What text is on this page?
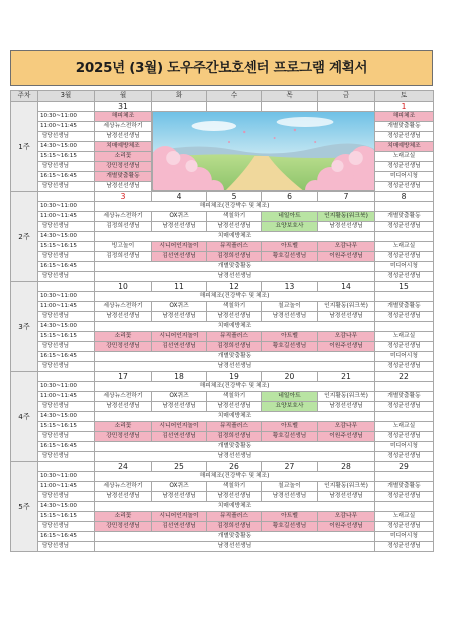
2025년 (3월) 도우주간보호센터 프로그램 계획서
주차	3월	월	화	수	목	금	토
1주		31					1
	10:30~11:00	해피체조					해피체조
	11:00~11:45	세상뉴스전하기					개별맞춤활동
	담당선생님	남경선선생님					정성균선생님
	14:30~15:00	치매예방체조					치매예방체조
	15:15~16:15	소리꽃					노래교실
	담당선생님	강민정선생님					정성균선생님
	16:15~16:45	개별맞춤활동					미디어시청
	담당선생님	남경선선생님					정성균선생님
2주		3	4	5	6	7	8
	10:30~11:00	해피체조(건강박수 및 체조)					
	11:00~11:45	세상뉴스전하기	OX퀴즈	색칠하기	네일아트	인지활동(워크북)	개별맞춤활동
	담당선생님	김정희선생님	남경선선생님	남경선선생님	요양보호사	남경선선생님	정성균선생님
	14:30~15:00	치매예방체조					
	15:15~16:15	빙고놀이	시니어인지놀이	뮤직플러스	아트벨	오감나무	노래교실
	담당선생님	김정희선생님	김선연선생님	김경희선생님	황호길선생님	이원주선생님	정성균선생님
	16:15~16:45	개별맞춤활동					미디어시청
	담당선생님	남경선선생님					정성균선생님
3주		10	11	12	13	14	15
	10:30~11:00	해피체조(건강박수 및 체조)					
	11:00~11:45	세상뉴스전하기	OX퀴즈	색칠하기	칠교놀이	인지활동(워크북)	개별맞춤활동
	담당선생님	남경선선생님	남경선선생님	남경선선생님	남경선선생님	남경선선생님	정성균선생님
	14:30~15:00	치매예방체조					
	15:15~16:15	소리꽃	시니어인지놀이	뮤직플러스	아트벨	오감나무	노래교실
	담당선생님	강민정선생님	김선연선생님	김경희선생님	황호길선생님	이원주선생님	정성균선생님
	16:15~16:45	개별맞춤활동					미디어시청
	담당선생님	남경선선생님					정성균선생님
4주		17	18	19	20	21	22
	10:30~11:00	해피체조(건강박수 및 체조)					
	11:00~11:45	세상뉴스전하기	OX퀴즈	색칠하기	네일아트	인지활동(워크북)	개별맞춤활동
	담당선생님	남경선선생님	남경선선생님	남경선선생님	요양보호사	남경선선생님	정성균선생님
	14:30~15:00	치매예방체조					
	15:15~16:15	소리꽃	시니어인지놀이	뮤직플러스	아트벨	오감나무	노래교실
	담당선생님	강민정선생님	김선연선생님	김경희선생님	황호길선생님	이원주선생님	정성균선생님
	16:15~16:45	개별맞춤활동					미디어시청
	담당선생님	남경선선생님					정성균선생님
5주		24	25	26	27	28	29
	10:30~11:00	해피체조(건강박수 및 체조)					
	11:00~11:45	세상뉴스전하기	OX퀴즈	색칠하기	칠교놀이	인지활동(워크북)	개별맞춤활동
	담당선생님	남경선선생님	남경선선생님	남경선선생님	남경선선생님	남경선선생님	정성균선생님
	14:30~15:00	치매예방체조					
	15:15~16:15	소리꽃	시니어인지놀이	뮤직플러스	아트벨	오감나무	노래교실
	담당선생님	강민정선생님	김선연선생님	김경희선생님	황호길선생님	이원주선생님	정성균선생님
	16:15~16:45	개별맞춤활동					미디어시청
	담당선생님	남경선선생님					정성균선생님
